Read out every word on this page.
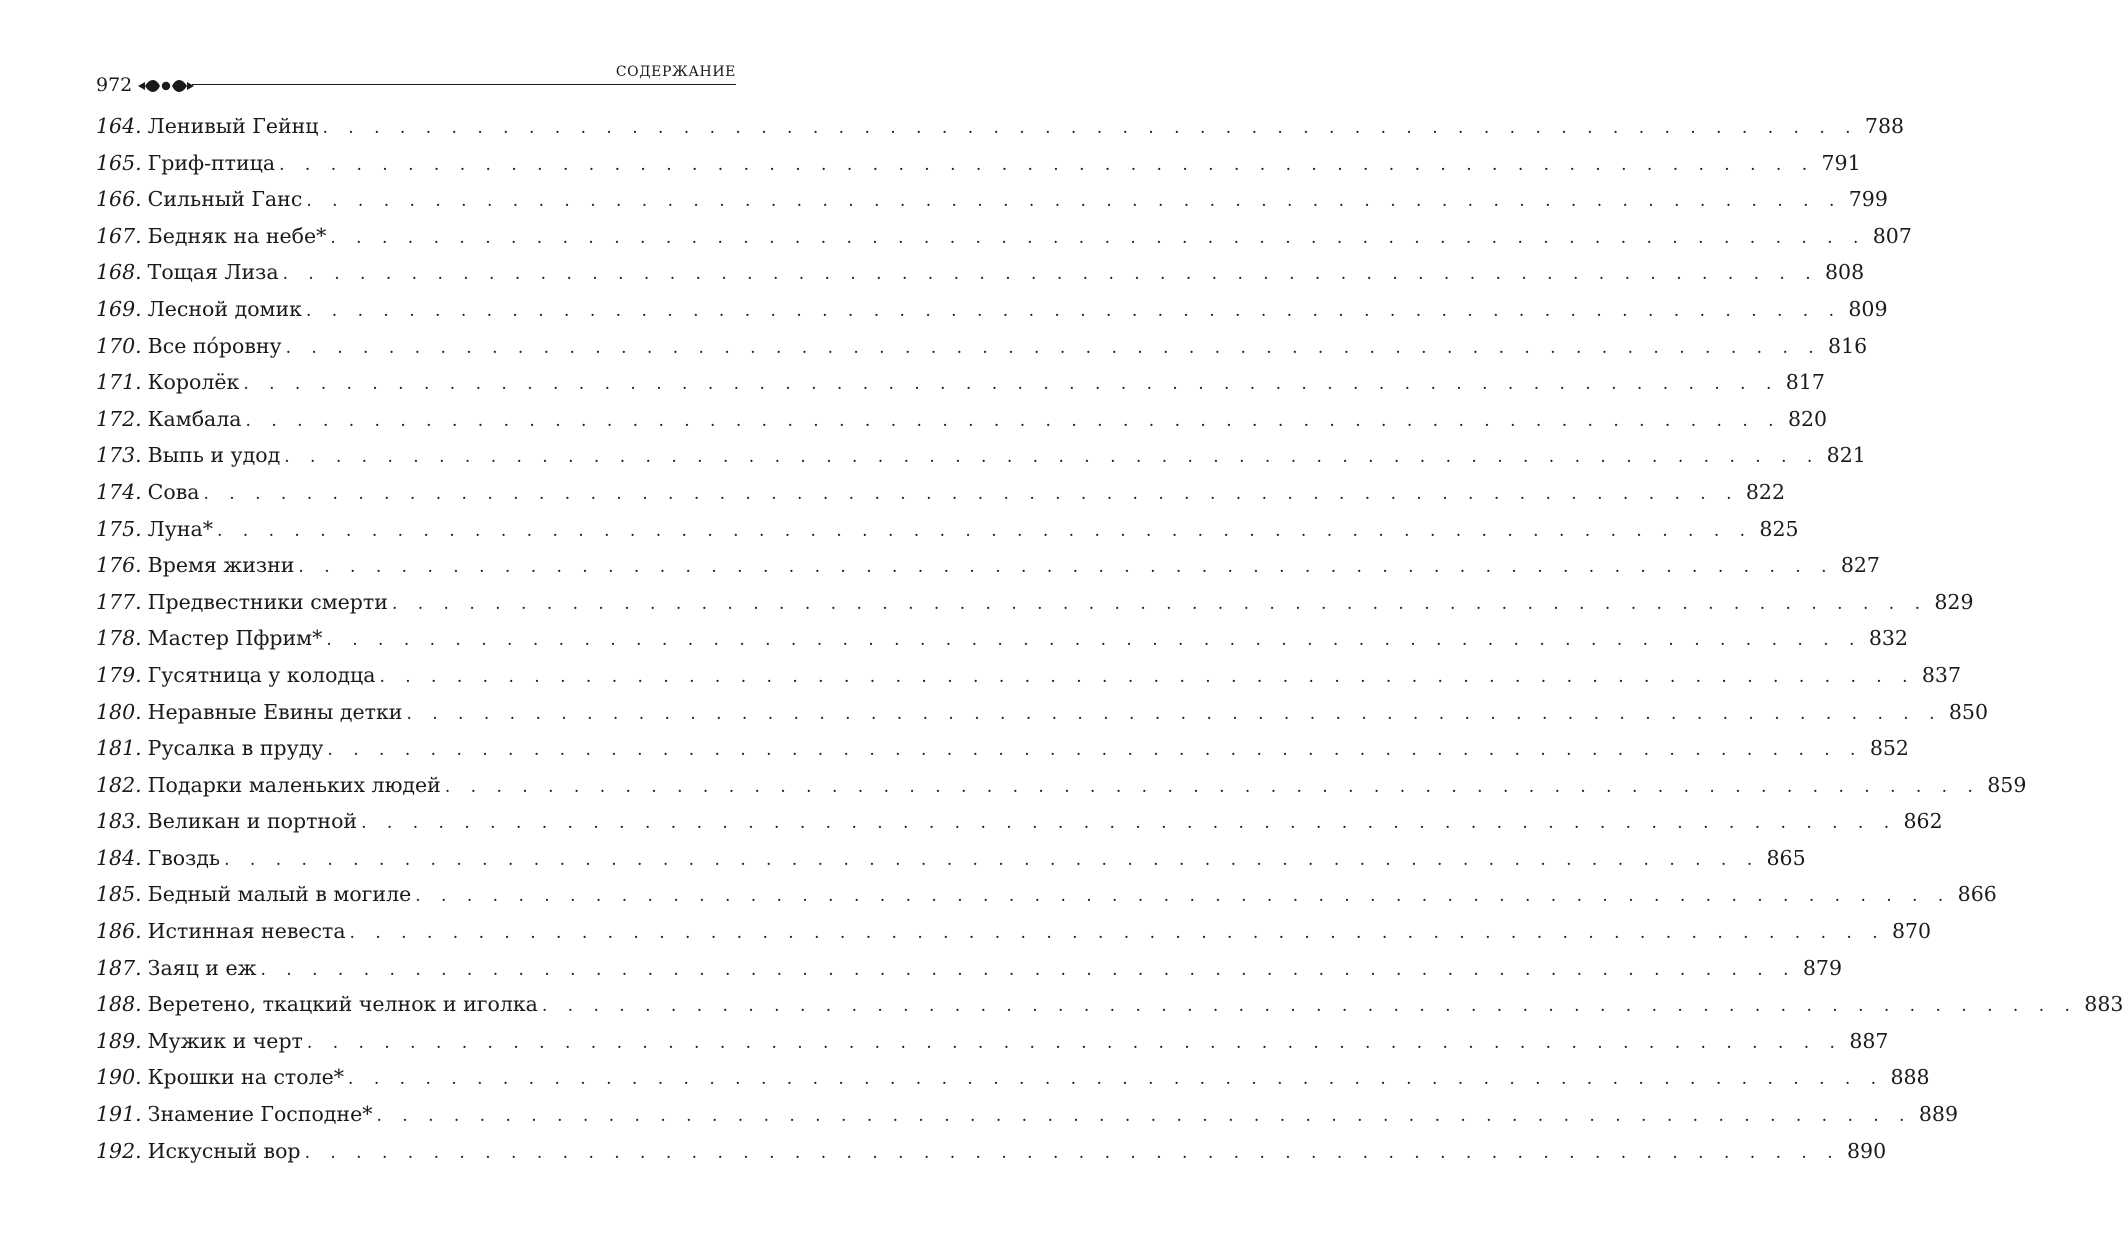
972
СОДЕРЖАНИЕ
164. Ленивый Гейнц . . . . . . . . . . . . . . . . . . . . . . . . . . . . . . . . . . . . . . . . . . . . . . . . . . . . . . . . . . . . 788
165. Гриф-птица . . . . . . . . . . . . . . . . . . . . . . . . . . . . . . . . . . . . . . . . . . . . . . . . . . . . . . . . . . . . 791
166. Сильный Ганс . . . . . . . . . . . . . . . . . . . . . . . . . . . . . . . . . . . . . . . . . . . . . . . . . . . . . . . . . . . . 799
167. Бедняк на небе* . . . . . . . . . . . . . . . . . . . . . . . . . . . . . . . . . . . . . . . . . . . . . . . . . . . . . . . . . . . . 807
168. Тощая Лиза . . . . . . . . . . . . . . . . . . . . . . . . . . . . . . . . . . . . . . . . . . . . . . . . . . . . . . . . . . . . 808
169. Лесной домик . . . . . . . . . . . . . . . . . . . . . . . . . . . . . . . . . . . . . . . . . . . . . . . . . . . . . . . . . . . . 809
170. Все по́ровну . . . . . . . . . . . . . . . . . . . . . . . . . . . . . . . . . . . . . . . . . . . . . . . . . . . . . . . . . . . . 816
171. Королёк . . . . . . . . . . . . . . . . . . . . . . . . . . . . . . . . . . . . . . . . . . . . . . . . . . . . . . . . . . . . 817
172. Камбала . . . . . . . . . . . . . . . . . . . . . . . . . . . . . . . . . . . . . . . . . . . . . . . . . . . . . . . . . . . . 820
173. Выпь и удод . . . . . . . . . . . . . . . . . . . . . . . . . . . . . . . . . . . . . . . . . . . . . . . . . . . . . . . . . . . . 821
174. Сова . . . . . . . . . . . . . . . . . . . . . . . . . . . . . . . . . . . . . . . . . . . . . . . . . . . . . . . . . . . . 822
175. Луна* . . . . . . . . . . . . . . . . . . . . . . . . . . . . . . . . . . . . . . . . . . . . . . . . . . . . . . . . . . . . 825
176. Время жизни . . . . . . . . . . . . . . . . . . . . . . . . . . . . . . . . . . . . . . . . . . . . . . . . . . . . . . . . . . . . 827
177. Предвестники смерти . . . . . . . . . . . . . . . . . . . . . . . . . . . . . . . . . . . . . . . . . . . . . . . . . . . . . . . . . . . . 829
178. Мастер Пфрим* . . . . . . . . . . . . . . . . . . . . . . . . . . . . . . . . . . . . . . . . . . . . . . . . . . . . . . . . . . . . 832
179. Гусятница у колодца . . . . . . . . . . . . . . . . . . . . . . . . . . . . . . . . . . . . . . . . . . . . . . . . . . . . . . . . . . . . 837
180. Неравные Евины детки . . . . . . . . . . . . . . . . . . . . . . . . . . . . . . . . . . . . . . . . . . . . . . . . . . . . . . . . . . . . 850
181. Русалка в пруду . . . . . . . . . . . . . . . . . . . . . . . . . . . . . . . . . . . . . . . . . . . . . . . . . . . . . . . . . . . . 852
182. Подарки маленьких людей . . . . . . . . . . . . . . . . . . . . . . . . . . . . . . . . . . . . . . . . . . . . . . . . . . . . . . . . . . . . 859
183. Великан и портной . . . . . . . . . . . . . . . . . . . . . . . . . . . . . . . . . . . . . . . . . . . . . . . . . . . . . . . . . . . . 862
184. Гвоздь . . . . . . . . . . . . . . . . . . . . . . . . . . . . . . . . . . . . . . . . . . . . . . . . . . . . . . . . . . . . 865
185. Бедный малый в могиле . . . . . . . . . . . . . . . . . . . . . . . . . . . . . . . . . . . . . . . . . . . . . . . . . . . . . . . . . . . . 866
186. Истинная невеста . . . . . . . . . . . . . . . . . . . . . . . . . . . . . . . . . . . . . . . . . . . . . . . . . . . . . . . . . . . . 870
187. Заяц и еж . . . . . . . . . . . . . . . . . . . . . . . . . . . . . . . . . . . . . . . . . . . . . . . . . . . . . . . . . . . . 879
188. Веретено, ткацкий челнок и иголка . . . . . . . . . . . . . . . . . . . . . . . . . . . . . . . . . . . . . . . . . . . . . . . . . . . . . . . . . . . . 883
189. Мужик и черт . . . . . . . . . . . . . . . . . . . . . . . . . . . . . . . . . . . . . . . . . . . . . . . . . . . . . . . . . . . . 887
190. Крошки на столе* . . . . . . . . . . . . . . . . . . . . . . . . . . . . . . . . . . . . . . . . . . . . . . . . . . . . . . . . . . . . 888
191. Знамение Господне* . . . . . . . . . . . . . . . . . . . . . . . . . . . . . . . . . . . . . . . . . . . . . . . . . . . . . . . . . . . . 889
192. Искусный вор . . . . . . . . . . . . . . . . . . . . . . . . . . . . . . . . . . . . . . . . . . . . . . . . . . . . . . . . . . . . 890
